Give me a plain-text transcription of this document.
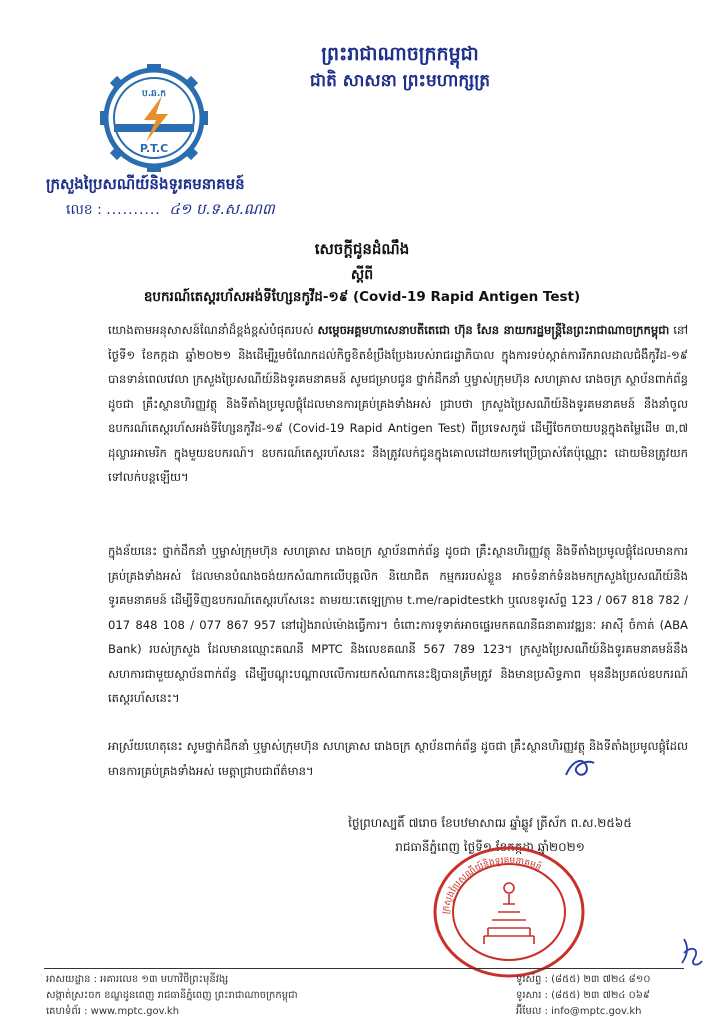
ព្រះរាជាណាចក្រកម្ពុជា
ជាតិ សាសនា ព្រះមហាក្សត្រ
ប.ឆ.ក
P.T.C
ក្រសួងប្រៃសណីយ៍និងទូរគមនាគមន៍
លេខ : .......... ៤១ ប.ទ.ស.ណ៣
សេចក្តីជូនដំណឹង
ស្តីពី
ឧបករណ៍តេស្តរហ័សអង់ទីហ្សែនកូវីដ-១៩ (Covid-19 Rapid Antigen Test)

យោងតាមអនុសាសន៍ណែនាំដ៏ខ្ពង់ខ្ពស់បំផុតរបស់ សម្តេចអគ្គមហាសេនាបតីតេជោ ហ៊ុន សែន នាយករដ្ឋមន្ត្រីនៃព្រះរាជាណាចក្រកម្ពុជា នៅថ្ងៃទី១ ខែកក្កដា ឆ្នាំ២០២១ និងដើម្បីរួមចំណែកដល់កិច្ចខិតខំប្រឹងប្រែងរបស់រាជរដ្ឋាភិបាល ក្នុងការទប់ស្កាត់ការរីករាលដាលជំងឺកូវីដ-១៩ បានទាន់ពេលវេលា ក្រសួងប្រៃសណីយ៍និងទូរគមនាគមន៍ សូមជម្រាបជូន ថ្នាក់ដឹកនាំ ឬម្ចាស់ក្រុមហ៊ុន សហគ្រាស រោងចក្រ ស្ថាប័នពាក់ព័ន្ធ ដូចជា គ្រឹះស្ថានហិរញ្ញវត្ថុ និងទីតាំងប្រមូលផ្តុំដែលមានការគ្រប់គ្រងទាំងអស់ ជ្រាបថា ក្រសួងប្រៃសណីយ៍និងទូរគមនាគមន៍ នឹងនាំចូលឧបករណ៍តេស្តរហ័សអង់ទីហ្សែនកូវីដ-១៩ (Covid-19 Rapid Antigen Test) ពីប្រទេសកូរ៉េ ដើម្បីចែកចាយបន្តក្នុងតម្លៃដើម ៣,៧ ដុល្លារអាមេរិក ក្នុងមួយឧបករណ៍។ ឧបករណ៍តេស្តរហ័សនេះ នឹងត្រូវលក់ជូនក្នុងគោលដៅយកទៅប្រើប្រាស់តែប៉ុណ្ណោះ ដោយមិនត្រូវយកទៅលក់បន្តឡើយ។

ក្នុងន័យនេះ ថ្នាក់ដឹកនាំ ឬម្ចាស់ក្រុមហ៊ុន សហគ្រាស រោងចក្រ ស្ថាប័នពាក់ព័ន្ធ ដូចជា គ្រឹះស្ថានហិរញ្ញវត្ថុ និងទីតាំងប្រមូលផ្តុំដែលមានការគ្រប់គ្រងទាំងអស់ ដែលមានបំណងចង់យកសំណាកលើបុគ្គលិក និយោជិត កម្មកររបស់ខ្លួន អាចទំនាក់ទំនងមកក្រសួងប្រៃសណីយ៍និងទូរគមនាគមន៍ ដើម្បីទិញឧបករណ៍តេស្តរហ័សនេះ តាមរយៈតេឡេក្រាម t.me/rapidtestkh ឬលេខទូរស័ព្ទ 123 / 067 818 782 / 017 848 108 / 077 867 957 នៅរៀងរាល់ម៉ោងធ្វើការ។ ចំពោះការទូទាត់អាចផ្ទេរមកគណនីធនាគារវឌ្ឍនៈ អាស៊ី ចំកាត់ (ABA Bank) របស់ក្រសួង ដែលមានឈ្មោះគណនី MPTC និងលេខគណនី 567 789 123។ ក្រសួងប្រៃសណីយ៍និងទូរគមនាគមន៍នឹងសហការជាមួយស្ថាប័នពាក់ព័ន្ធ ដើម្បីបណ្តុះបណ្តាលលើការយកសំណាកនេះឱ្យបានត្រឹមត្រូវ និងមានប្រសិទ្ធភាព មុននឹងប្រគល់ឧបករណ៍តេស្តរហ័សនេះ។

អាស្រ័យហេតុនេះ សូមថ្នាក់ដឹកនាំ ឬម្ចាស់ក្រុមហ៊ុន សហគ្រាស រោងចក្រ ស្ថាប័នពាក់ព័ន្ធ ដូចជា គ្រឹះស្ថានហិរញ្ញវត្ថុ និងទីតាំងប្រមូលផ្តុំដែលមានការគ្រប់គ្រងទាំងអស់ មេត្តាជ្រាបជាព័ត៌មាន។

ថ្ងៃព្រហស្បតិ៍ ៧រោច ខែបឋមាសាឍ ឆ្នាំឆ្លូវ ត្រីស័ក ព.ស.២៥៦៥
រាជធានីភ្នំពេញ ថ្ងៃទី១ ខែកក្កដា ឆ្នាំ២០២១
ក្រសួងប្រៃសណីយ៍និងទូរគមនាគមន៍
អាសយដ្ឋាន : អគារលេខ ១៣ មហាវិថីព្រះមុនីវង្ស
សង្កាត់ស្រះចក ខណ្ឌដូនពេញ រាជធានីភ្នំពេញ ព្រះរាជាណាចក្រកម្ពុជា
គេហទំព័រ : www.mptc.gov.kh
ទូរស័ព្ទ : (៨៥៥) ២៣ ៧២៤ ៨១០
ទូរសារ : (៨៥៥) ២៣ ៧២៤ ០៦៩
អ៊ីមែល : info@mptc.gov.kh
